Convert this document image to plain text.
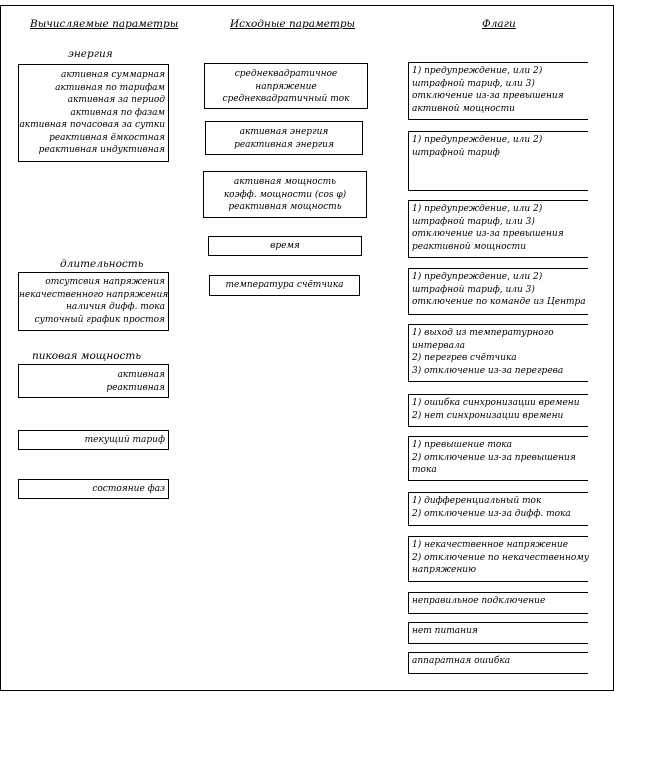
Вычисляемые параметры	Исходные параметры	Флаги
энергия
активная суммарная
активная по тарифам
активная за период
активная по фазам
активная почасовая за сутки
реактивная ёмкостная
реактивная индуктивная
длительность
отсутсвия напряжения
некачественного напряжения
наличия дифф. тока
суточный график простоя
пиковая мощность
активная
реактивная
текущий тариф
состояние фаз
среднеквадратичное
напряжение
среднеквадратичный ток
активная энергия
реактивная энергия
активная мощность
коэфф. мощности (cos φ)
реактивная мощность
время
температура счётчика
1) предупреждение, или 2)
штрафной тариф, или 3)
отключение из-за превышения
активной мощности
1) предупреждение, или 2)
штрафной тариф
1) предупреждение, или 2)
штрафной тариф, или 3)
отключение из-за превышения
реактивной мощности
1) предупреждение, или 2)
штрафной тариф, или 3)
отключение по команде из Центра
1) выход из температурного
интервала
2) перегрев счётчика
3) отключение из-за перегрева
1) ошибка синхронизации времени
2) нет синхронизации времени
1) превышение тока
2) отключение из-за превышения
тока
1) дифференциальный ток
2) отключение из-за дифф. тока
1) некачественное напряжение
2) отключение по некачественному
напряжению
неправильное подключение
нет питания
аппаратная ошибка
